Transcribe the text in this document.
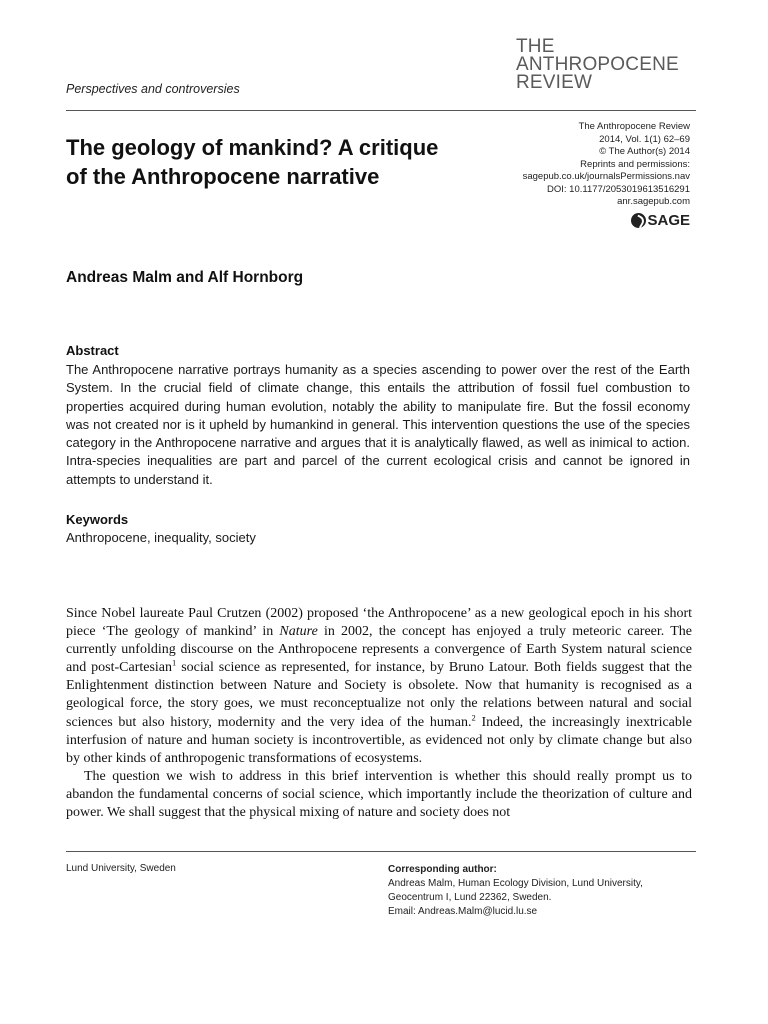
Perspectives and controversies
THE
ANTHROPOCENE
REVIEW
The geology of mankind? A critique of the Anthropocene narrative
The Anthropocene Review
2014, Vol. 1(1) 62–69
© The Author(s) 2014
Reprints and permissions:
sagepub.co.uk/journalsPermissions.nav
DOI: 10.1177/2053019613516291
anr.sagepub.com
SAGE
Andreas Malm and Alf Hornborg
Abstract
The Anthropocene narrative portrays humanity as a species ascending to power over the rest of the Earth System. In the crucial field of climate change, this entails the attribution of fossil fuel combustion to properties acquired during human evolution, notably the ability to manipulate fire. But the fossil economy was not created nor is it upheld by humankind in general. This intervention questions the use of the species category in the Anthropocene narrative and argues that it is analytically flawed, as well as inimical to action. Intra-species inequalities are part and parcel of the current ecological crisis and cannot be ignored in attempts to understand it.
Keywords
Anthropocene, inequality, society

Since Nobel laureate Paul Crutzen (2002) proposed ‘the Anthropocene’ as a new geological epoch in his short piece ‘The geology of mankind’ in Nature in 2002, the concept has enjoyed a truly meteoric career. The currently unfolding discourse on the Anthropocene represents a convergence of Earth System natural science and post-Cartesian$^1$ social science as represented, for instance, by Bruno Latour. Both fields suggest that the Enlightenment distinction between Nature and Society is obsolete. Now that humanity is recognised as a geological force, the story goes, we must reconceptualize not only the relations between natural and social sciences but also history, modernity and the very idea of the human.$^2$ Indeed, the increasingly inextricable interfusion of nature and human society is incontrovertible, as evidenced not only by climate change but also by other kinds of anthropogenic transformations of ecosystems.

The question we wish to address in this brief intervention is whether this should really prompt us to abandon the fundamental concerns of social science, which importantly include the theorization of culture and power. We shall suggest that the physical mixing of nature and society does not

Lund University, Sweden	Corresponding author:
Andreas Malm, Human Ecology Division, Lund University,
Geocentrum I, Lund 22362, Sweden.
Email: Andreas.Malm@lucid.lu.se
